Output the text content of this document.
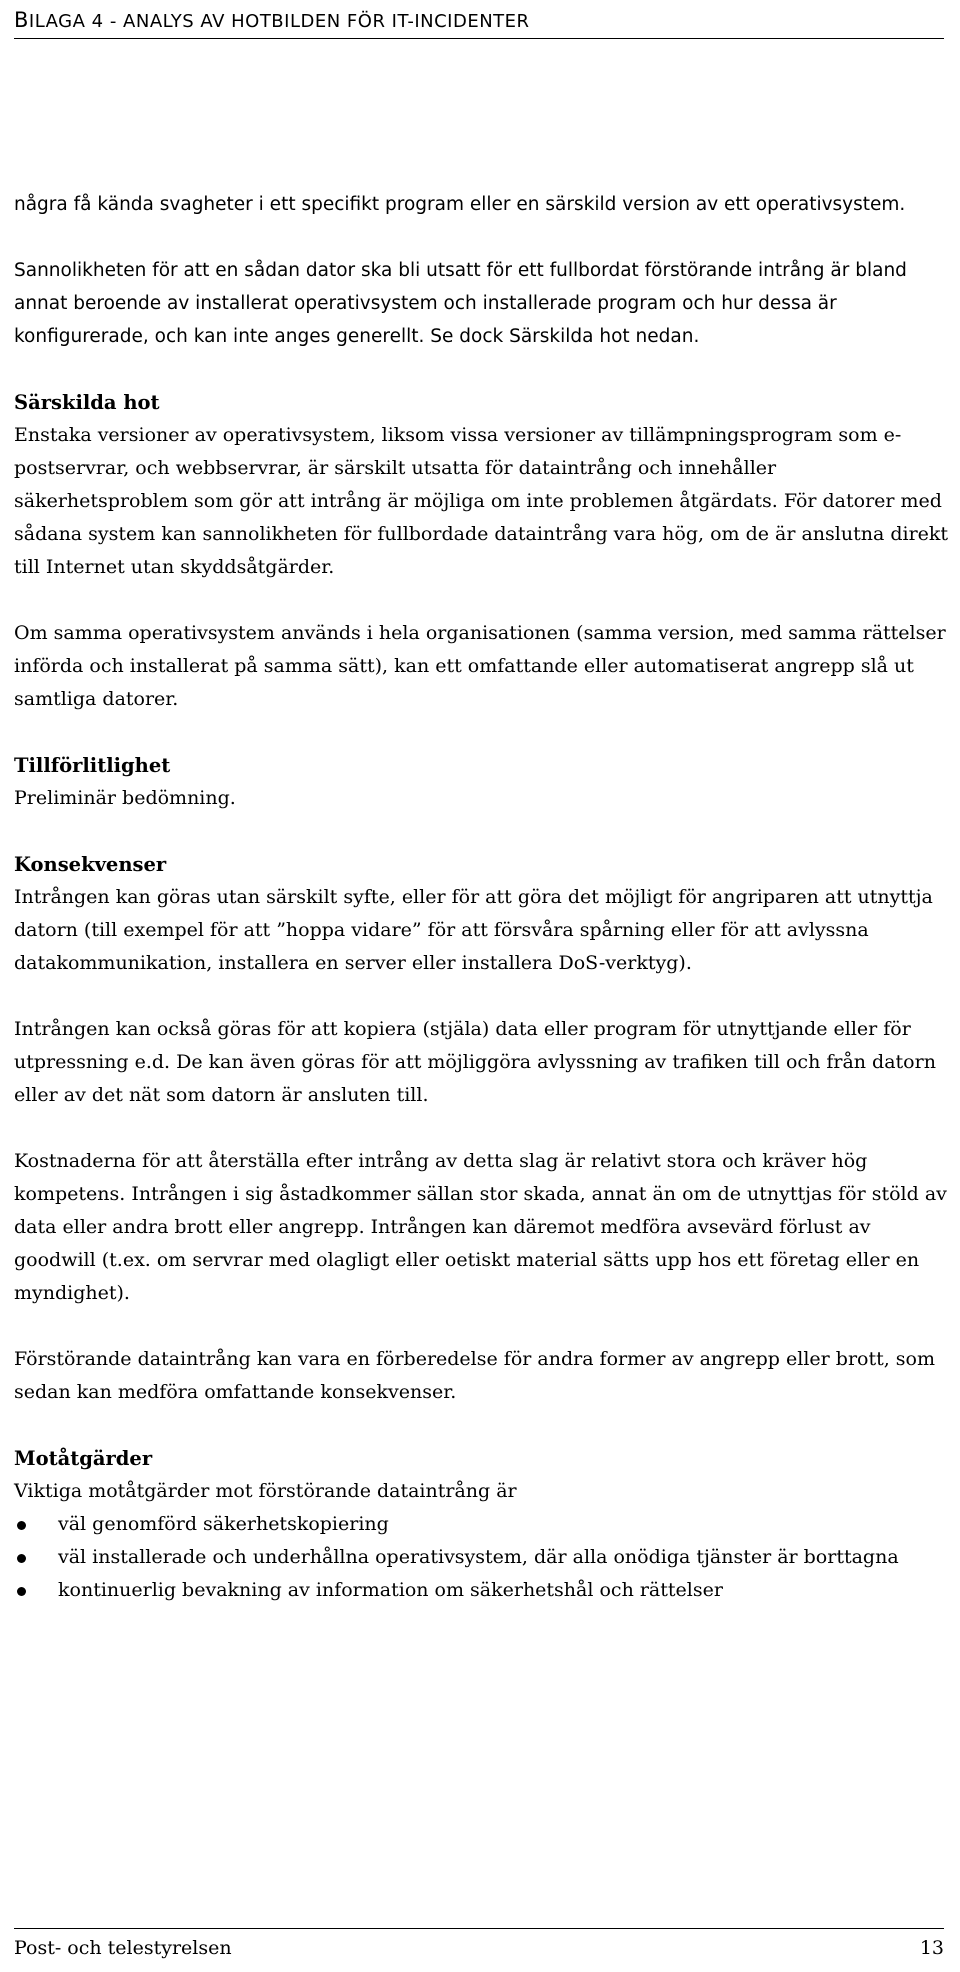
BILAGA 4 - ANALYS AV HOTBILDEN FÖR IT-INCIDENTER

några få kända svagheter i ett specifikt program eller en särskild version av ett operativsystem.

Sannolikheten för att en sådan dator ska bli utsatt för ett fullbordat förstörande intrång är bland annat beroende av installerat operativsystem och installerade program och hur dessa är konfigurerade, och kan inte anges generellt. Se dock Särskilda hot nedan.

Särskilda hot

Enstaka versioner av operativsystem, liksom vissa versioner av tillämpningsprogram som e-postservrar, och webbservrar, är särskilt utsatta för dataintrång och innehåller säkerhetsproblem som gör att intrång är möjliga om inte problemen åtgärdats. För datorer med sådana system kan sannolikheten för fullbordade dataintrång vara hög, om de är anslutna direkt till Internet utan skyddsåtgärder.

Om samma operativsystem används i hela organisationen (samma version, med samma rättelser införda och installerat på samma sätt), kan ett omfattande eller automatiserat angrepp slå ut samtliga datorer.

Tillförlitlighet

Preliminär bedömning.

Konsekvenser

Intrången kan göras utan särskilt syfte, eller för att göra det möjligt för angriparen att utnyttja datorn (till exempel för att ”hoppa vidare” för att försvåra spårning eller för att avlyssna datakommunikation, installera en server eller installera DoS-verktyg).

Intrången kan också göras för att kopiera (stjäla) data eller program för utnyttjande eller för utpressning e.d. De kan även göras för att möjliggöra avlyssning av trafiken till och från datorn eller av det nät som datorn är ansluten till.

Kostnaderna för att återställa efter intrång av detta slag är relativt stora och kräver hög kompetens. Intrången i sig åstadkommer sällan stor skada, annat än om de utnyttjas för stöld av data eller andra brott eller angrepp. Intrången kan däremot medföra avsevärd förlust av goodwill (t.ex. om servrar med olagligt eller oetiskt material sätts upp hos ett företag eller en myndighet).

Förstörande dataintrång kan vara en förberedelse för andra former av angrepp eller brott, som sedan kan medföra omfattande konsekvenser.

Motåtgärder

Viktiga motåtgärder mot förstörande dataintrång är

väl genomförd säkerhetskopiering
väl installerade och underhållna operativsystem, där alla onödiga tjänster är borttagna
kontinuerlig bevakning av information om säkerhetshål och rättelser
Post- och telestyrelsen	13
